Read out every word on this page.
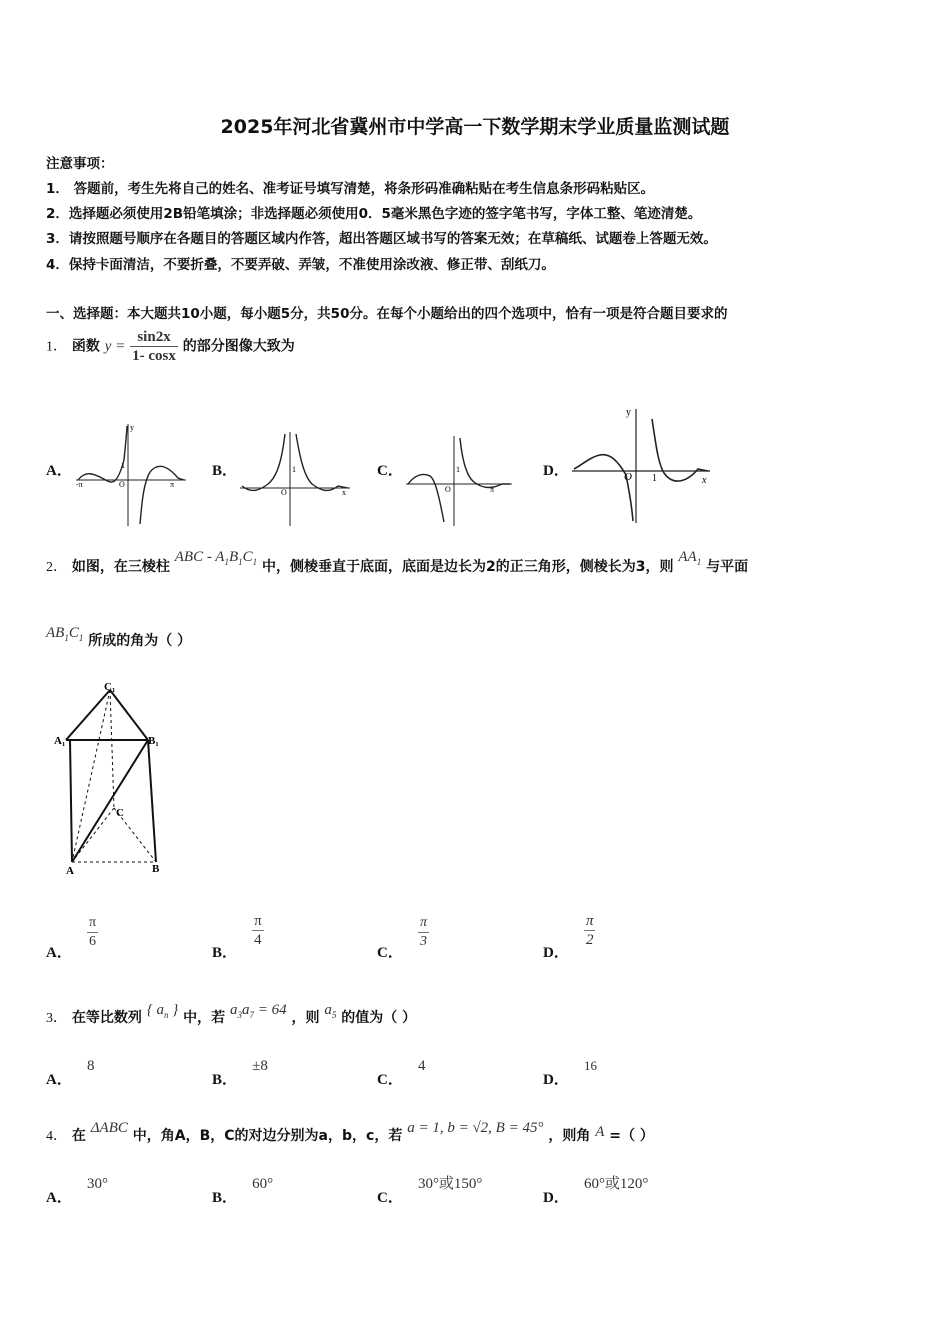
2025年河北省冀州市中学高一下数学期末学业质量监测试题
注意事项：
1． 答题前，考生先将自己的姓名、准考证号填写清楚，将条形码准确粘贴在考生信息条形码粘贴区。
2．选择题必须使用2B铅笔填涂；非选择题必须使用0．5毫米黑色字迹的签字笔书写，字体工整、笔迹清楚。
3．请按照题号顺序在各题目的答题区域内作答，超出答题区域书写的答案无效；在草稿纸、试题卷上答题无效。
4．保持卡面清洁，不要折叠，不要弄破、弄皱，不准使用涂改液、修正带、刮纸刀。
一、选择题：本大题共10小题，每小题5分，共50分。在每个小题给出的四个选项中，恰有一项是符合题目要求的
1． 函数 $y = \frac{\sin 2x}{1- \cos x}$ 的部分图像大致为
A．	B．	C．	D．
O
1
y
π
-π
O
1
x	O
1
π
O 1
y
x
2． 如图，在三棱柱 ABC - $A_1B_1C_1$ 中，侧棱垂直于底面，底面是边长为2的正三角形，侧棱长为3，则 $AA_1$ 与平面
$AB_1C_1$ 所成的角为（ ）
C₁
A₁	B₁
C
A	B
A．
$\frac{\pi}{6}$
B．
$\frac{\pi}{4}$
C．
$\frac{\pi}{3}$
D．
$\frac{\pi}{2}$
3． 在等比数列 { $a_n$ } 中，若 $a_3a_7 = 64$ ，则 $a_5$ 的值为（ ）
A． 8
B． ±8
C． 4
D． 16
4． 在 ΔABC 中，角A，B，C的对边分别为a，b，c，若 a = 1, b = √2, B = 45° ，则角 A =（ ）
A． 30°
B． 60°
C． 30°或150°
D． 60°或120°
